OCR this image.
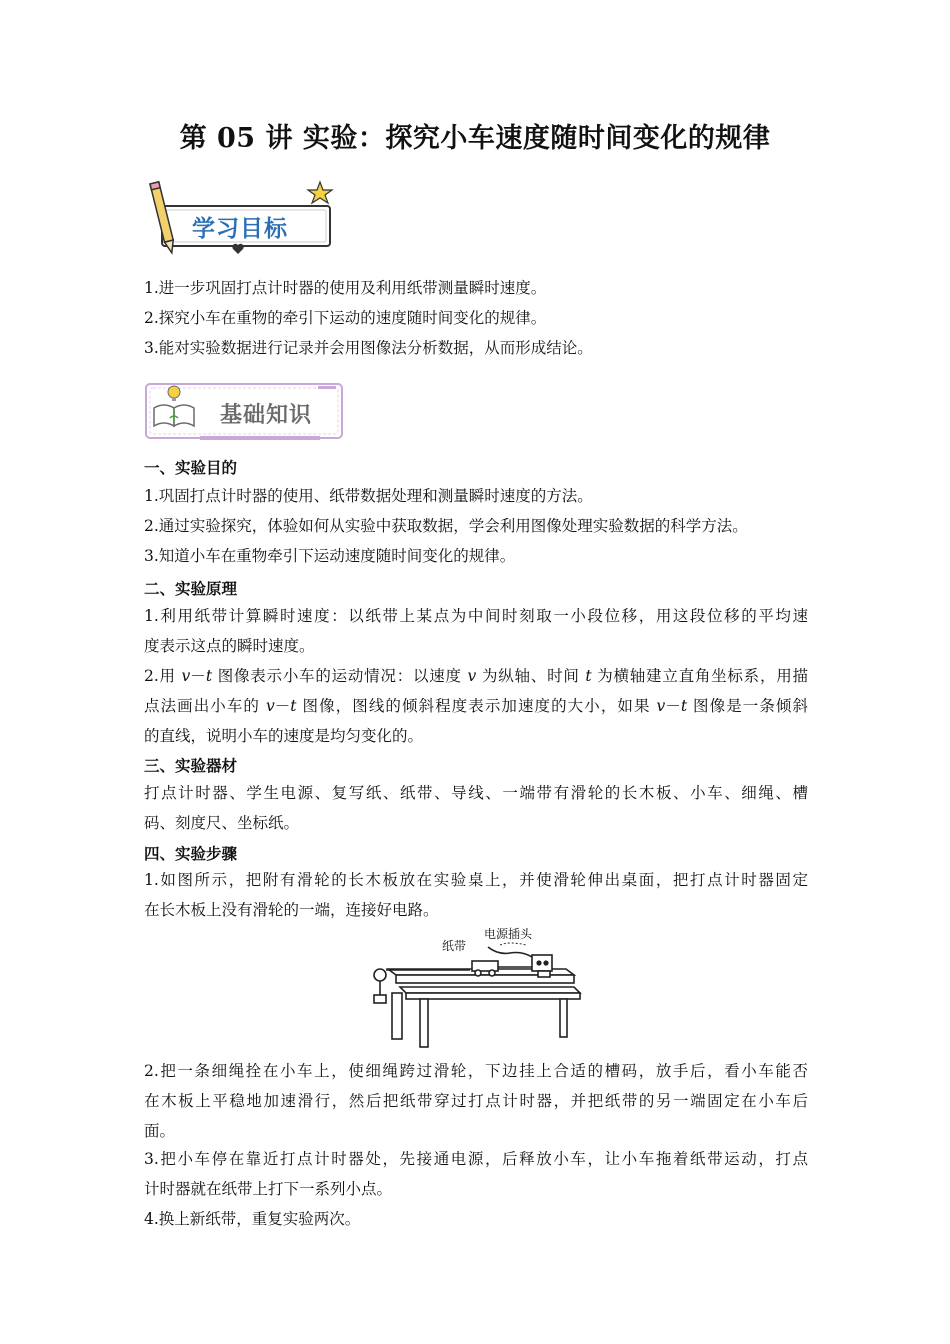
第 05 讲 实验：探究小车速度随时间变化的规律
学习目标
1.进一步巩固打点计时器的使用及利用纸带测量瞬时速度。
2.探究小车在重物的牵引下运动的速度随时间变化的规律。
3.能对实验数据进行记录并会用图像法分析数据，从而形成结论。
基础知识
一、实验目的
1.巩固打点计时器的使用、纸带数据处理和测量瞬时速度的方法。
2.通过实验探究，体验如何从实验中获取数据，学会利用图像处理实验数据的科学方法。
3.知道小车在重物牵引下运动速度随时间变化的规律。
二、实验原理
1.利用纸带计算瞬时速度：以纸带上某点为中间时刻取一小段位移，用这段位移的平均速
度表示这点的瞬时速度。
2.用 v－t 图像表示小车的运动情况：以速度 v 为纵轴、时间 t 为横轴建立直角坐标系，用描
点法画出小车的 v－t 图像，图线的倾斜程度表示加速度的大小，如果 v－t 图像是一条倾斜
的直线，说明小车的速度是均匀变化的。
三、实验器材
打点计时器、学生电源、复写纸、纸带、导线、一端带有滑轮的长木板、小车、细绳、槽
码、刻度尺、坐标纸。
四、实验步骤
1.如图所示，把附有滑轮的长木板放在实验桌上，并使滑轮伸出桌面，把打点计时器固定
在长木板上没有滑轮的一端，连接好电路。
纸带
电源插头
2.把一条细绳拴在小车上，使细绳跨过滑轮，下边挂上合适的槽码，放手后，看小车能否
在木板上平稳地加速滑行，然后把纸带穿过打点计时器，并把纸带的另一端固定在小车后
面。
3.把小车停在靠近打点计时器处，先接通电源，后释放小车，让小车拖着纸带运动，打点
计时器就在纸带上打下一系列小点。
4.换上新纸带，重复实验两次。
